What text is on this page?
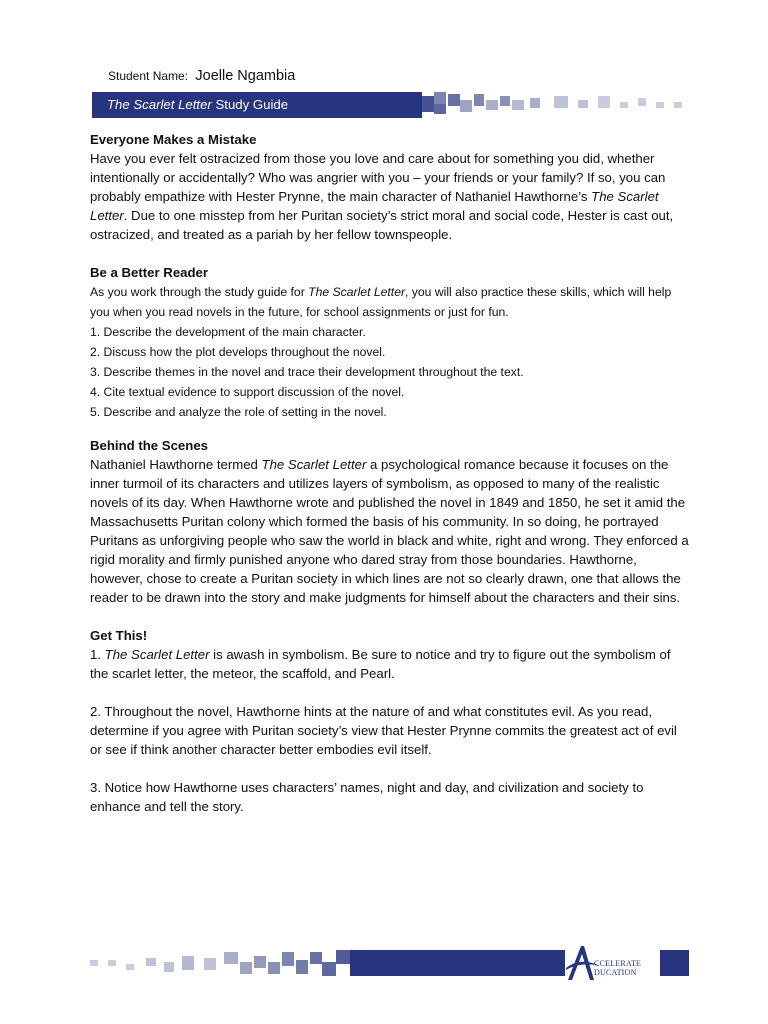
Student Name: Joelle Ngambia
The Scarlet Letter Study Guide

Everyone Makes a Mistake

Have you ever felt ostracized from those you love and care about for something you did, whether intentionally or accidentally? Who was angrier with you – your friends or your family? If so, you can probably empathize with Hester Prynne, the main character of Nathaniel Hawthorne’s The Scarlet Letter. Due to one misstep from her Puritan society’s strict moral and social code, Hester is cast out, ostracized, and treated as a pariah by her fellow townspeople.

Be a Better Reader

As you work through the study guide for The Scarlet Letter, you will also practice these skills, which will help you when you read novels in the future, for school assignments or just for fun.

1. Describe the development of the main character.

2. Discuss how the plot develops throughout the novel.

3. Describe themes in the novel and trace their development throughout the text.

4. Cite textual evidence to support discussion of the novel.

5. Describe and analyze the role of setting in the novel.

Behind the Scenes

Nathaniel Hawthorne termed The Scarlet Letter a psychological romance because it focuses on the inner turmoil of its characters and utilizes layers of symbolism, as opposed to many of the realistic novels of its day. When Hawthorne wrote and published the novel in 1849 and 1850, he set it amid the Massachusetts Puritan colony which formed the basis of his community. In so doing, he portrayed Puritans as unforgiving people who saw the world in black and white, right and wrong. They enforced a rigid morality and firmly punished anyone who dared stray from those boundaries. Hawthorne, however, chose to create a Puritan society in which lines are not so clearly drawn, one that allows the reader to be drawn into the story and make judgments for himself about the characters and their sins.

Get This!

1. The Scarlet Letter is awash in symbolism. Be sure to notice and try to figure out the symbolism of the scarlet letter, the meteor, the scaffold, and Pearl.

2. Throughout the novel, Hawthorne hints at the nature of and what constitutes evil. As you read, determine if you agree with Puritan society’s view that Hester Prynne commits the greatest act of evil or see if think another character better embodies evil itself.

3. Notice how Hawthorne uses characters’ names, night and day, and civilization and society to enhance and tell the story.

CCELERATE
DUCATION
